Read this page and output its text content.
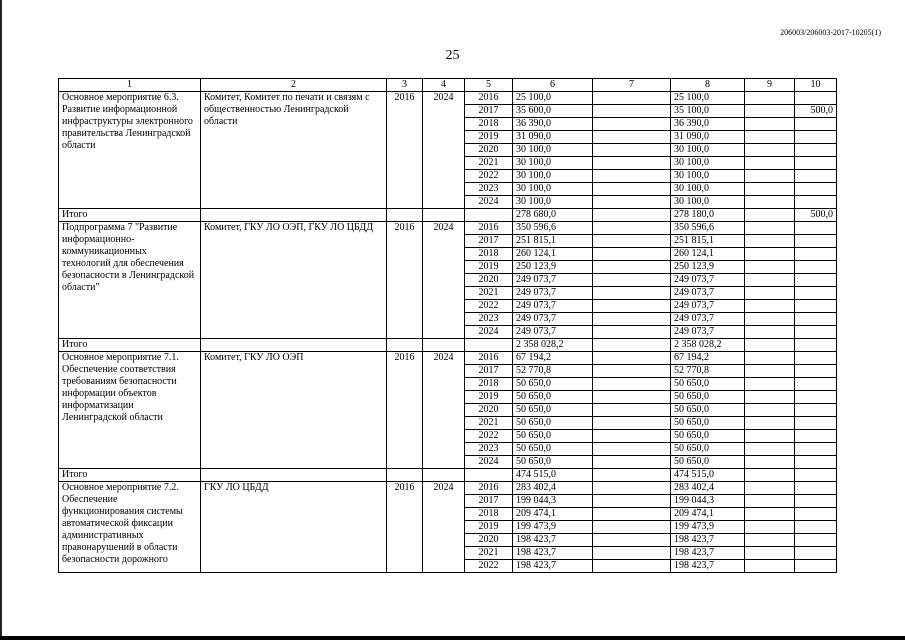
206003/206003-2017-10205(1)
25
1	2	3	4	5	6	7	8	9	10
Основное мероприятие 6.3. Развитие информационной инфраструктуры электронного правительства Ленинградской области	Комитет, Комитет по печати и связям с общественностью Ленинградской области	2016	2024	2016	25 100,0		25 100,0		
				2017	35 600,0		35 100,0		500,0
				2018	36 390,0		36 390,0		
				2019	31 090,0		31 090,0		
				2020	30 100,0		30 100,0		
				2021	30 100,0		30 100,0		
				2022	30 100,0		30 100,0		
				2023	30 100,0		30 100,0		
				2024	30 100,0		30 100,0		
Итого					278 680,0		278 180,0		500,0
Подпрограмма 7 "Развитие информационно-коммуникационных технологий для обеспечения безопасности в Ленинградской области"	Комитет, ГКУ ЛО ОЭП, ГКУ ЛО ЦБДД	2016	2024	2016	350 596,6		350 596,6		
				2017	251 815,1		251 815,1		
				2018	260 124,1		260 124,1		
				2019	250 123,9		250 123,9		
				2020	249 073,7		249 073,7		
				2021	249 073,7		249 073,7		
				2022	249 073,7		249 073,7		
				2023	249 073,7		249 073,7		
				2024	249 073,7		249 073,7		
Итого					2 358 028,2		2 358 028,2		
Основное мероприятие 7.1. Обеспечение соответствия требованиям безопасности информации объектов информатизации Ленинградской области	Комитет, ГКУ ЛО ОЭП	2016	2024	2016	67 194,2		67 194,2		
				2017	52 770,8		52 770,8		
				2018	50 650,0		50 650,0		
				2019	50 650,0		50 650,0		
				2020	50 650,0		50 650,0		
				2021	50 650,0		50 650,0		
				2022	50 650,0		50 650,0		
				2023	50 650,0		50 650,0		
				2024	50 650,0		50 650,0		
Итого					474 515,0		474 515,0		
Основное мероприятие 7.2. Обеспечение функционирования системы автоматической фиксации административных правонарушений в области безопасности дорожного	ГКУ ЛО ЦБДД	2016	2024	2016	283 402,4		283 402,4		
				2017	199 044,3		199 044,3		
				2018	209 474,1		209 474,1		
				2019	199 473,9		199 473,9		
				2020	198 423,7		198 423,7		
				2021	198 423,7		198 423,7		
				2022	198 423,7		198 423,7		
